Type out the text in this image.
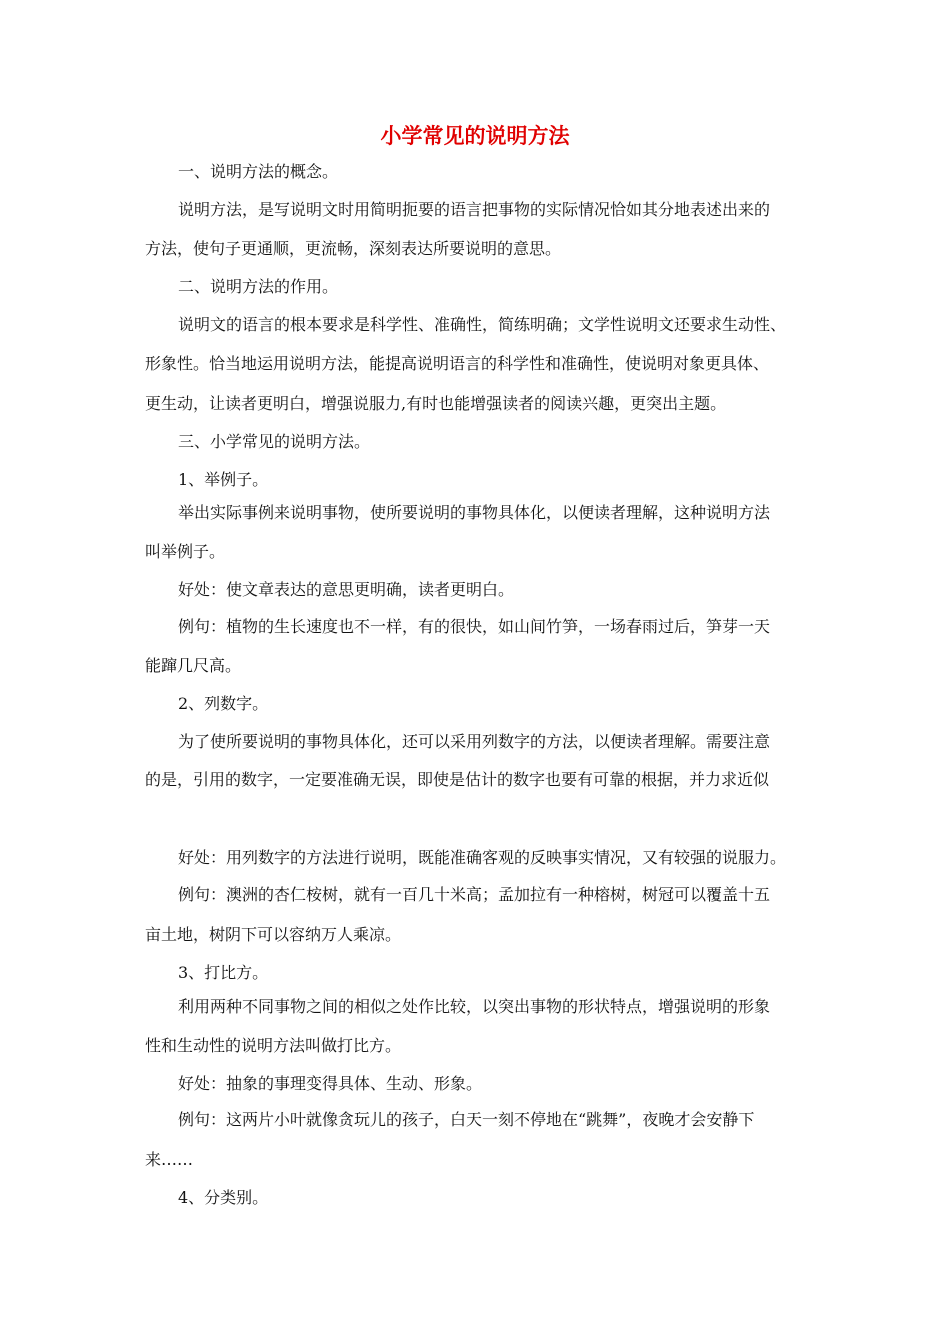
小学常见的说明方法

一、说明方法的概念。

说明方法，是写说明文时用简明扼要的语言把事物的实际情况恰如其分地表述出来的

方法，使句子更通顺，更流畅，深刻表达所要说明的意思。

二、说明方法的作用。

说明文的语言的根本要求是科学性、准确性，简练明确；文学性说明文还要求生动性、

形象性。恰当地运用说明方法，能提高说明语言的科学性和准确性，使说明对象更具体、

更生动，让读者更明白，增强说服力,有时也能增强读者的阅读兴趣，更突出主题。

三、小学常见的说明方法。

1、举例子。

举出实际事例来说明事物，使所要说明的事物具体化，以便读者理解，这种说明方法

叫举例子。

好处：使文章表达的意思更明确，读者更明白。

例句：植物的生长速度也不一样，有的很快，如山间竹笋，一场春雨过后，笋芽一天

能蹿几尺高。

2、列数字。

为了使所要说明的事物具体化，还可以采用列数字的方法，以便读者理解。需要注意

的是，引用的数字，一定要准确无误，即使是估计的数字也要有可靠的根据，并力求近似

好处：用列数字的方法进行说明，既能准确客观的反映事实情况，又有较强的说服力。

例句：澳洲的杏仁桉树，就有一百几十米高；孟加拉有一种榕树，树冠可以覆盖十五

亩土地，树阴下可以容纳万人乘凉。

3、打比方。

利用两种不同事物之间的相似之处作比较，以突出事物的形状特点，增强说明的形象

性和生动性的说明方法叫做打比方。

好处：抽象的事理变得具体、生动、形象。

例句：这两片小叶就像贪玩儿的孩子，白天一刻不停地在“跳舞”，夜晚才会安静下

来……

4、分类别。
